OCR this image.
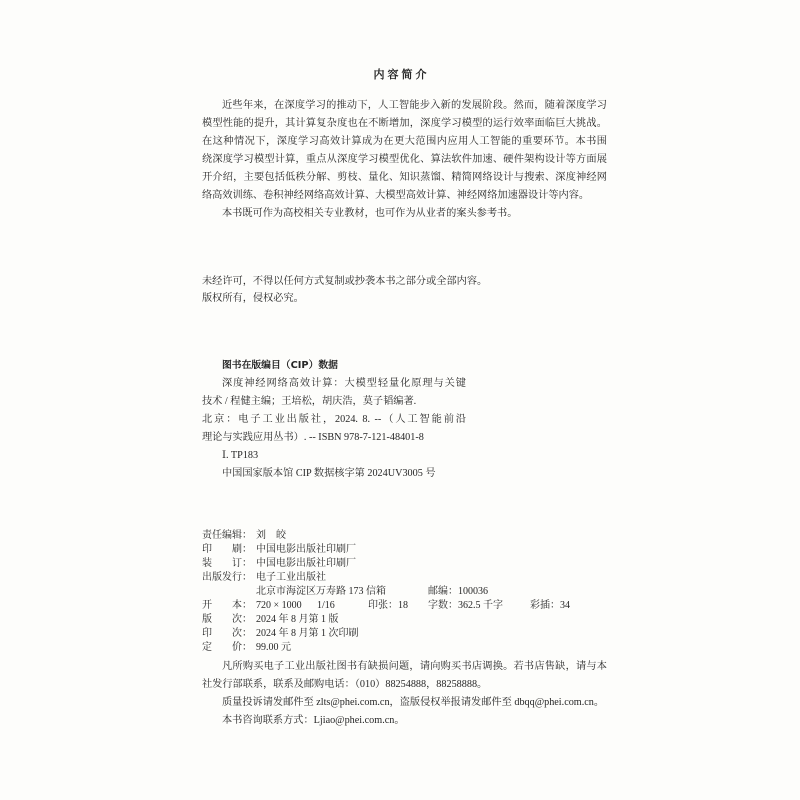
内容简介
近些年来，在深度学习的推动下，人工智能步入新的发展阶段。然而，随着深度学习
模型性能的提升，其计算复杂度也在不断增加，深度学习模型的运行效率面临巨大挑战。
在这种情况下，深度学习高效计算成为在更大范围内应用人工智能的重要环节。本书围
绕深度学习模型计算，重点从深度学习模型优化、算法软件加速、硬件架构设计等方面展
开介绍，主要包括低秩分解、剪枝、量化、知识蒸馏、精简网络设计与搜索、深度神经网
络高效训练、卷积神经网络高效计算、大模型高效计算、神经网络加速器设计等内容。
本书既可作为高校相关专业教材，也可作为从业者的案头参考书。
未经许可，不得以任何方式复制或抄袭本书之部分或全部内容。
版权所有，侵权必究。
图书在版编目（CIP）数据
深度神经网络高效计算：大模型轻量化原理与关键
技术 / 程健主编；王培松，胡庆浩，莫子韬编著.
北京：电子工业出版社，2024. 8. --（人工智能前沿
理论与实践应用丛书）. -- ISBN 978-7-121-48401-8
Ⅰ. TP183
中国国家版本馆 CIP 数据核字第 2024UV3005 号
责任编辑： 刘　皎
印　　刷： 中国电影出版社印刷厂
装　　订： 中国电影出版社印刷厂
出版发行： 电子工业出版社
北京市海淀区万寿路 173 信箱	邮编：100036
开　　本： 720 × 1000 1/16	印张：18 字数：362.5 千字	彩插：34
版　　次： 2024 年 8 月第 1 版
印　　次： 2024 年 8 月第 1 次印刷
定　　价： 99.00 元
凡所购买电子工业出版社图书有缺损问题，请向购买书店调换。若书店售缺，请与本
社发行部联系，联系及邮购电话：（010）88254888，88258888。
质量投诉请发邮件至 zlts@phei.com.cn，盗版侵权举报请发邮件至 dbqq@phei.com.cn。
本书咨询联系方式：Ljiao@phei.com.cn。
